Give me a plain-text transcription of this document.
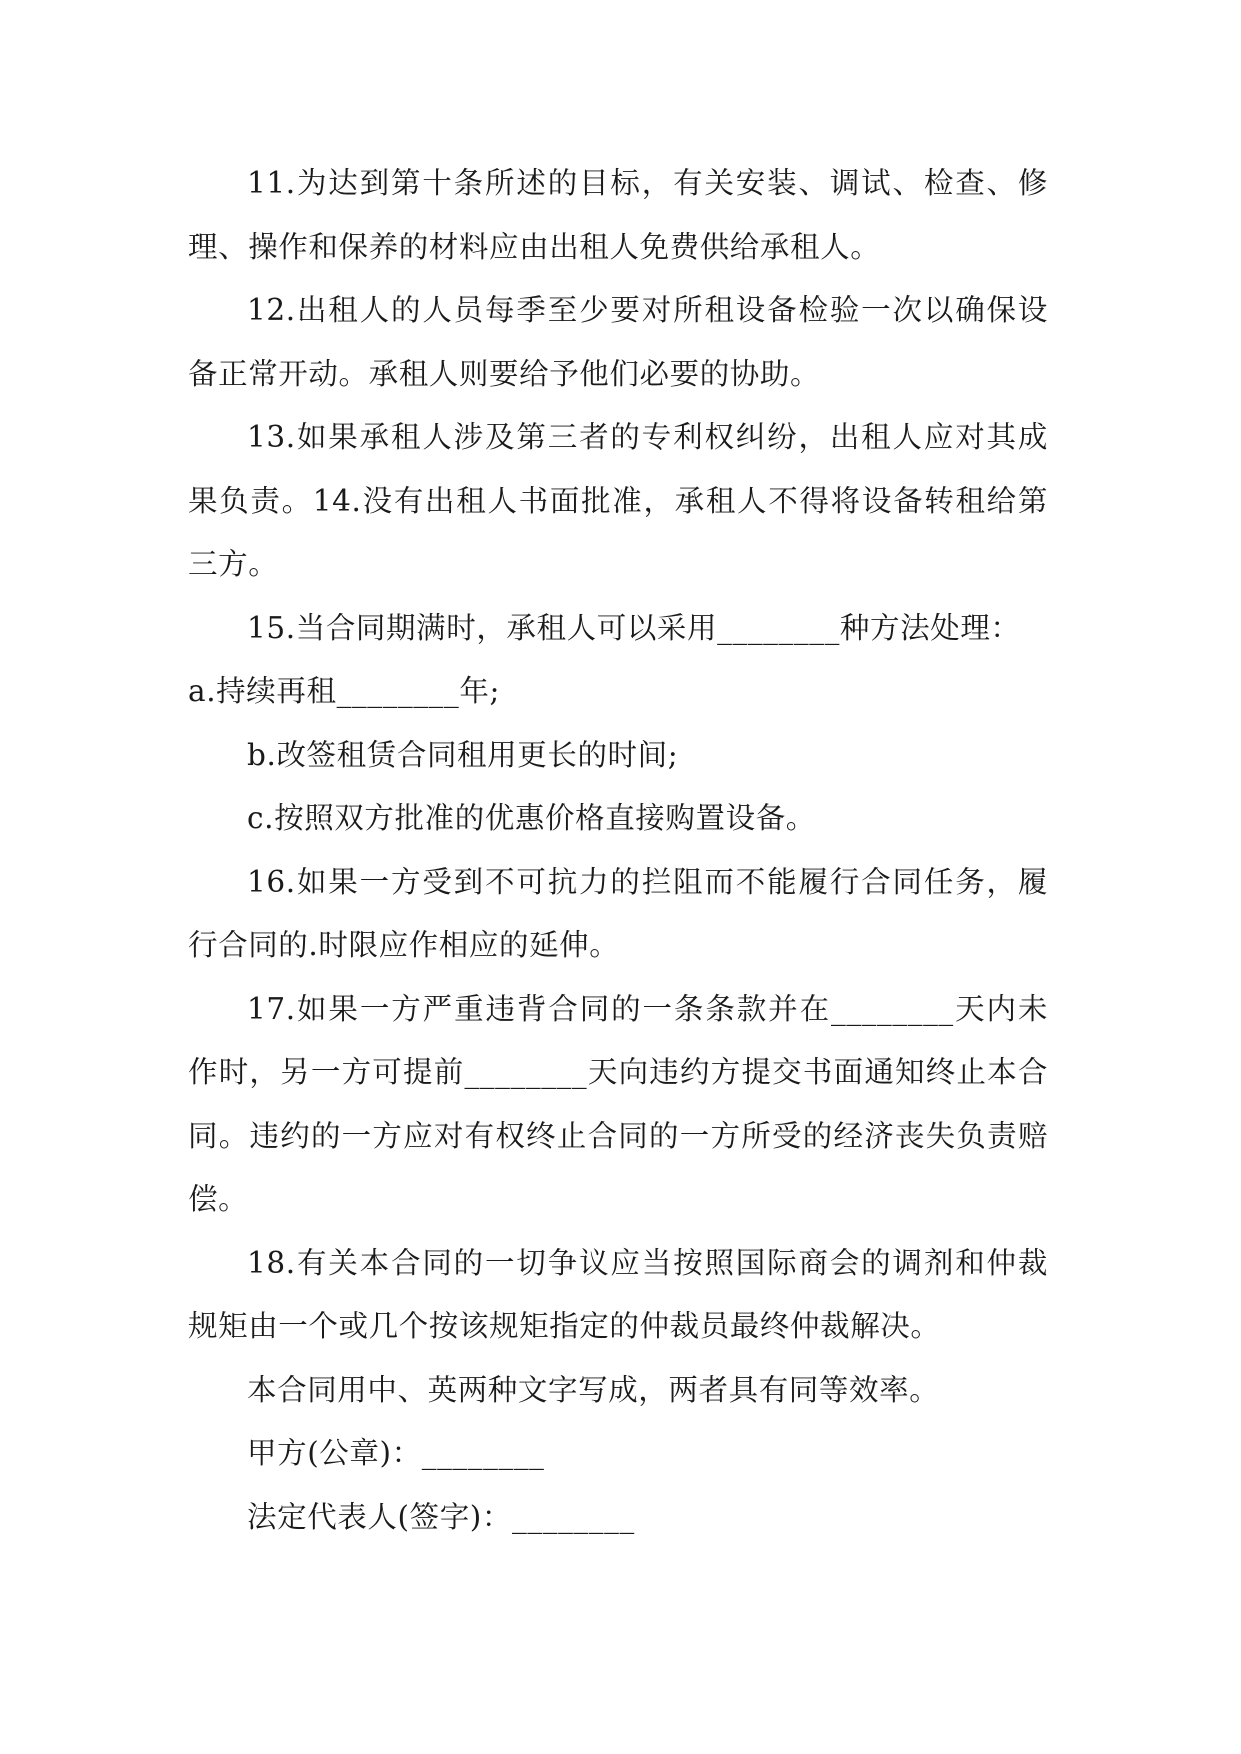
11.为达到第十条所述的目标，有关安装、调试、检查、修理、操作和保养的材料应由出租人免费供给承租人。

12.出租人的人员每季至少要对所租设备检验一次以确保设备正常开动。承租人则要给予他们必要的协助。

13.如果承租人涉及第三者的专利权纠纷，出租人应对其成果负责。14.没有出租人书面批准，承租人不得将设备转租给第三方。

15.当合同期满时，承租人可以采用________种方法处理：

a.持续再租________年;

b.改签租赁合同租用更长的时间;

c.按照双方批准的优惠价格直接购置设备。

16.如果一方受到不可抗力的拦阻而不能履行合同任务，履行合同的.时限应作相应的延伸。

17.如果一方严重违背合同的一条条款并在________天内未作时，另一方可提前________天向违约方提交书面通知终止本合同。违约的一方应对有权终止合同的一方所受的经济丧失负责赔偿。

18.有关本合同的一切争议应当按照国际商会的调剂和仲裁规矩由一个或几个按该规矩指定的仲裁员最终仲裁解决。

本合同用中、英两种文字写成，两者具有同等效率。

甲方(公章)：________

法定代表人(签字)：________
